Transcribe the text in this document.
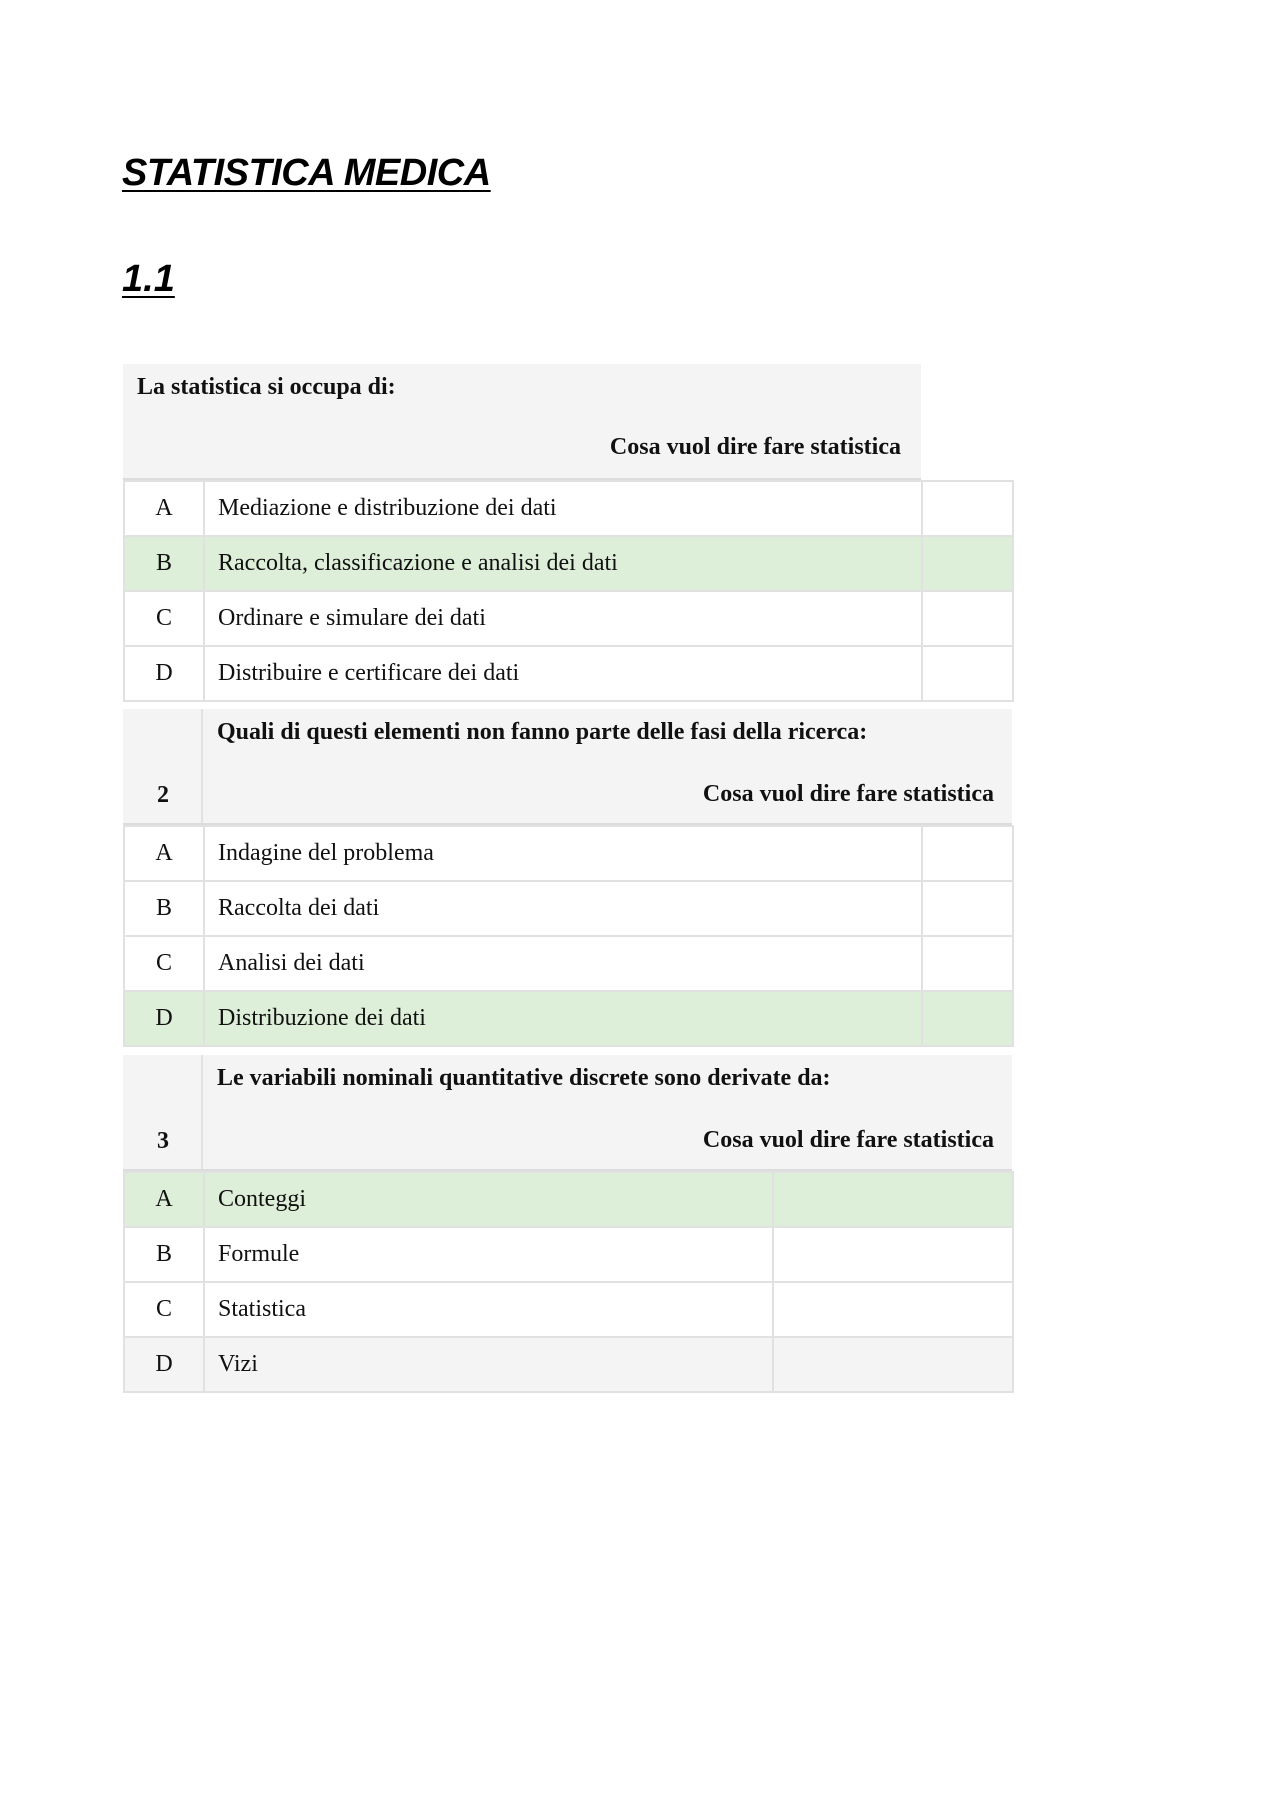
STATISTICA MEDICA
1.1
La statistica si occupa di:
Cosa vuol dire fare statistica
A	Mediazione e distribuzione dei dati	
B	Raccolta, classificazione e analisi dei dati	
C	Ordinare e simulare dei dati	
D	Distribuire e certificare dei dati	
2
Quali di questi elementi non fanno parte delle fasi della ricerca:
Cosa vuol dire fare statistica
A	Indagine del problema	
B	Raccolta dei dati	
C	Analisi dei dati	
D	Distribuzione dei dati	
3
Le variabili nominali quantitative discrete sono derivate da:
Cosa vuol dire fare statistica
A	Conteggi	
B	Formule	
C	Statistica	
D	Vizi	
